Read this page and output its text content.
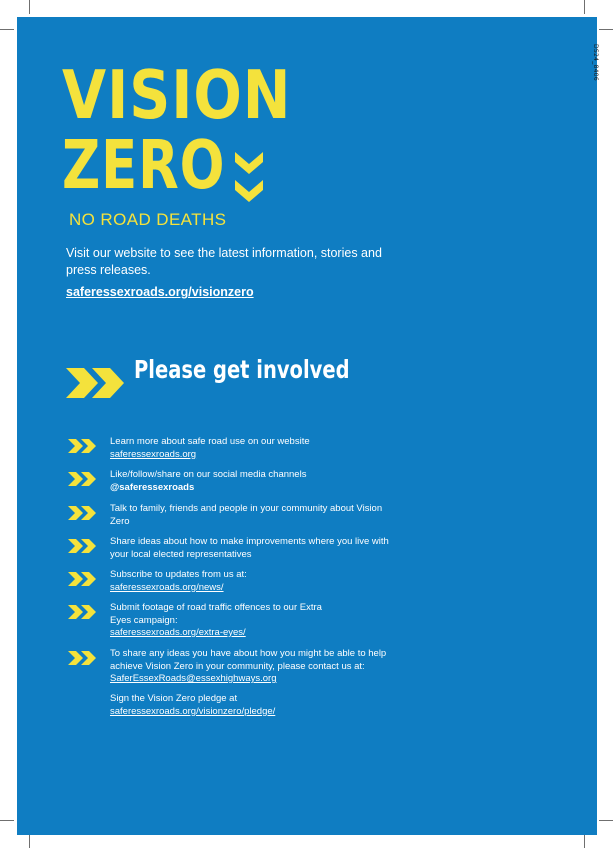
DS24_8406
VISION
ZERO
NO ROAD DEATHS
Visit our website to see the latest information, stories and press releases.
saferessexroads.org/visionzero
Please get involved
Learn more about safe road use on our website
saferessexroads.org
Like/follow/share on our social media channels
@saferessexroads
Talk to family, friends and people in your community about Vision Zero
Share ideas about how to make improvements where you live with your local elected representatives
Subscribe to updates from us at:
saferessexroads.org/news/
Submit footage of road traffic offences to our Extra Eyes campaign:
saferessexroads.org/extra-eyes/
To share any ideas you have about how you might be able to help achieve Vision Zero in your community, please contact us at: SaferEssexRoads@essexhighways.org
Sign the Vision Zero pledge at
saferessexroads.org/visionzero/pledge/
